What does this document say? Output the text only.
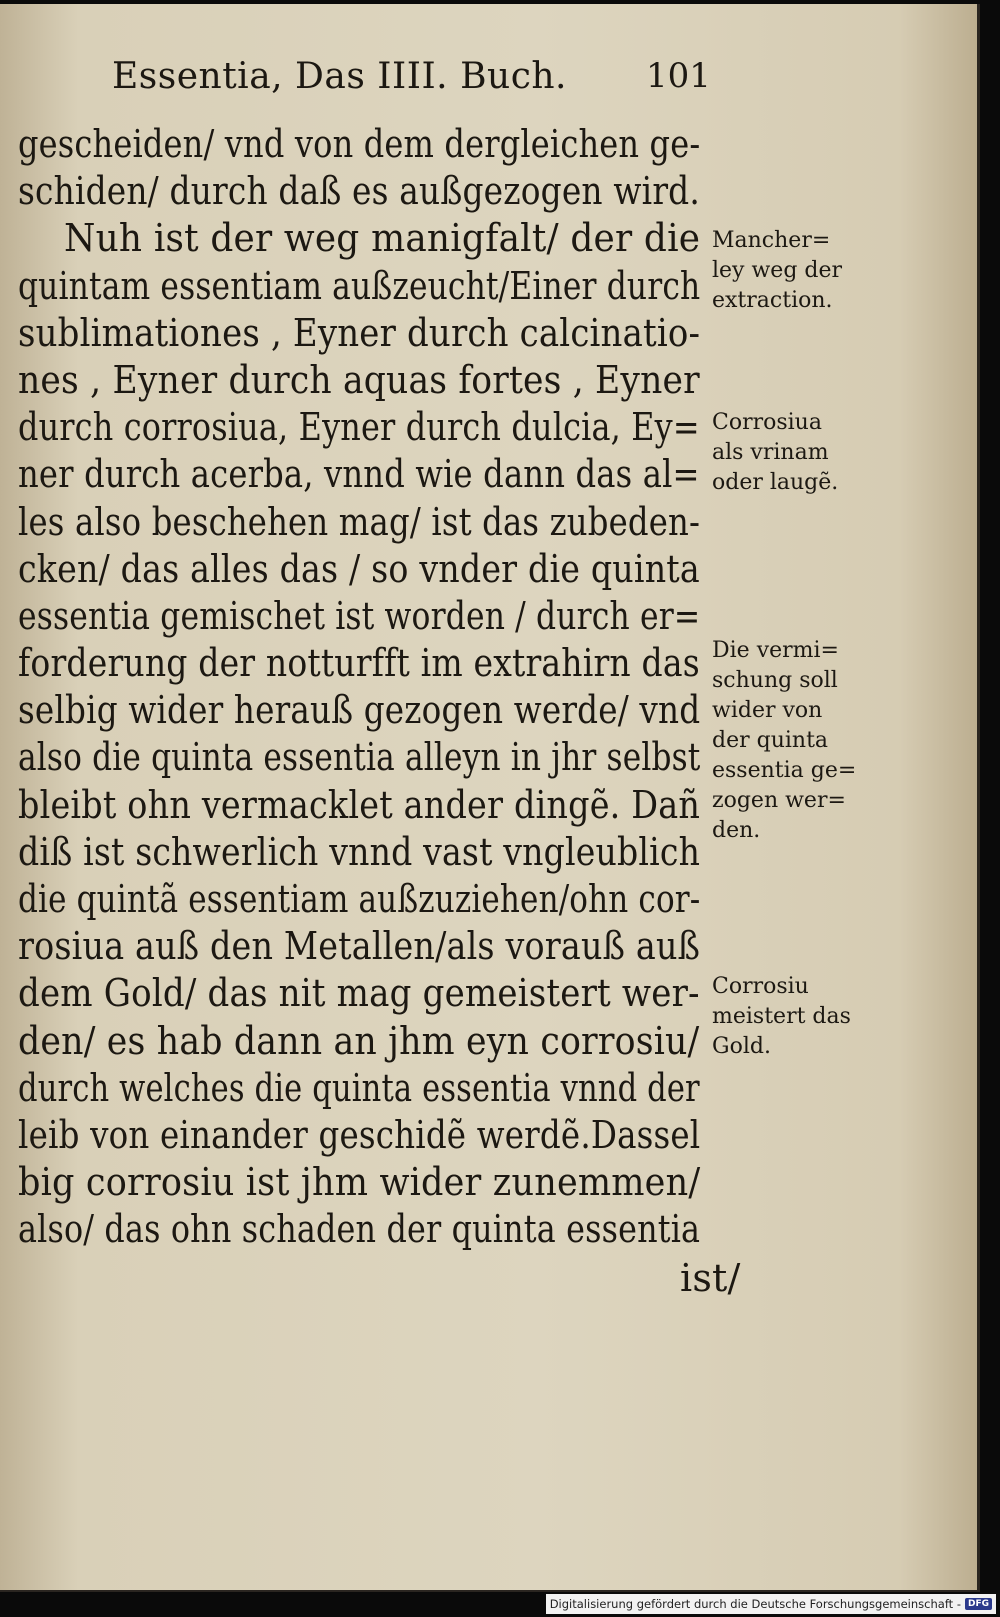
Essentia, Das IIII. Buch. 101
gescheiden/ vnd von dem dergleichen ge-
schiden/ durch daß es außgezogen wird.
Nuh ist der weg manigfalt/ der die
quintam essentiam außzeucht/Einer durch
sublimationes , Eyner durch calcinatio-
nes , Eyner durch aquas fortes , Eyner
durch corrosiua, Eyner durch dulcia, Ey=
ner durch acerba, vnnd wie dann das al=
les also beschehen mag/ ist das zubeden-
cken/ das alles das / so vnder die quinta
essentia gemischet ist worden / durch er=
forderung der notturfft im extrahirn das
selbig wider herauß gezogen werde/ vnd
also die quinta essentia alleyn in jhr selbst
bleibt ohn vermacklet ander dingẽ. Dañ
diß ist schwerlich vnnd vast vngleublich
die quintã essentiam außzuziehen/ohn cor-
rosiua auß den Metallen/als vorauß auß
dem Gold/ das nit mag gemeistert wer-
den/ es hab dann an jhm eyn corrosiu/
durch welches die quinta essentia vnnd der
leib von einander geschidẽ werdẽ.Dassel
big corrosiu ist jhm wider zunemmen/
also/ das ohn schaden der quinta essentia
ist/
Mancher=
ley weg der
extraction.
Corrosiua
als vrinam
oder laugẽ.
Die vermi=
schung soll
wider von
der quinta
essentia ge=
zogen wer=
den.
Corrosiu
meistert das
Gold.
Digitalisierung gefördert durch die Deutsche Forschungsgemeinschaft - DFG
